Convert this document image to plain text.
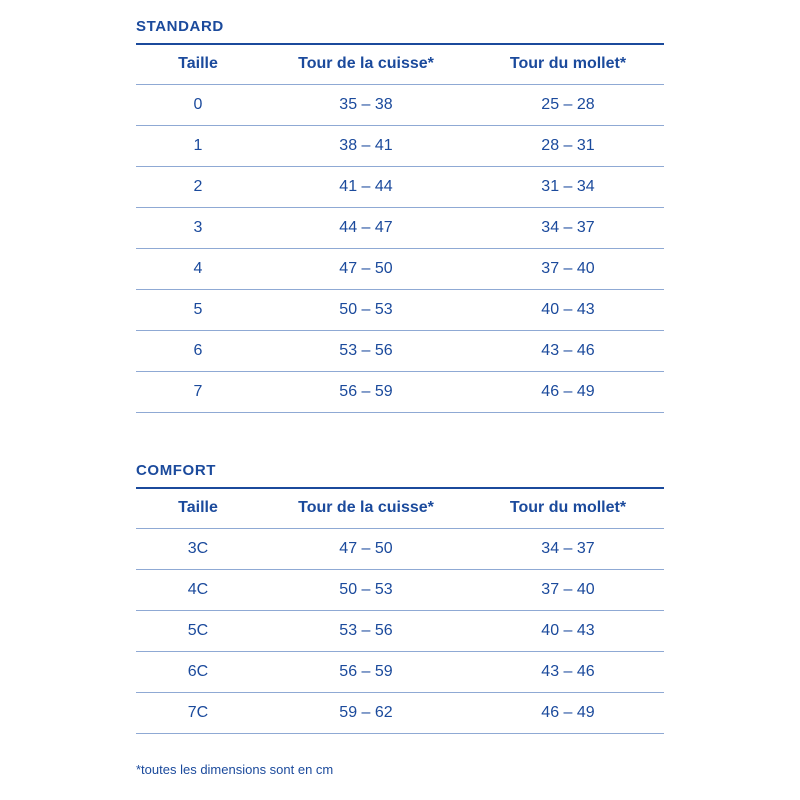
STANDARD
Taille	Tour de la cuisse*	Tour du mollet*
0	35 – 38	25 – 28
1	38 – 41	28 – 31
2	41 – 44	31 – 34
3	44 – 47	34 – 37
4	47 – 50	37 – 40
5	50 – 53	40 – 43
6	53 – 56	43 – 46
7	56 – 59	46 – 49
COMFORT
Taille	Tour de la cuisse*	Tour du mollet*
3C	47 – 50	34 – 37
4C	50 – 53	37 – 40
5C	53 – 56	40 – 43
6C	56 – 59	43 – 46
7C	59 – 62	46 – 49
*toutes les dimensions sont en cm
